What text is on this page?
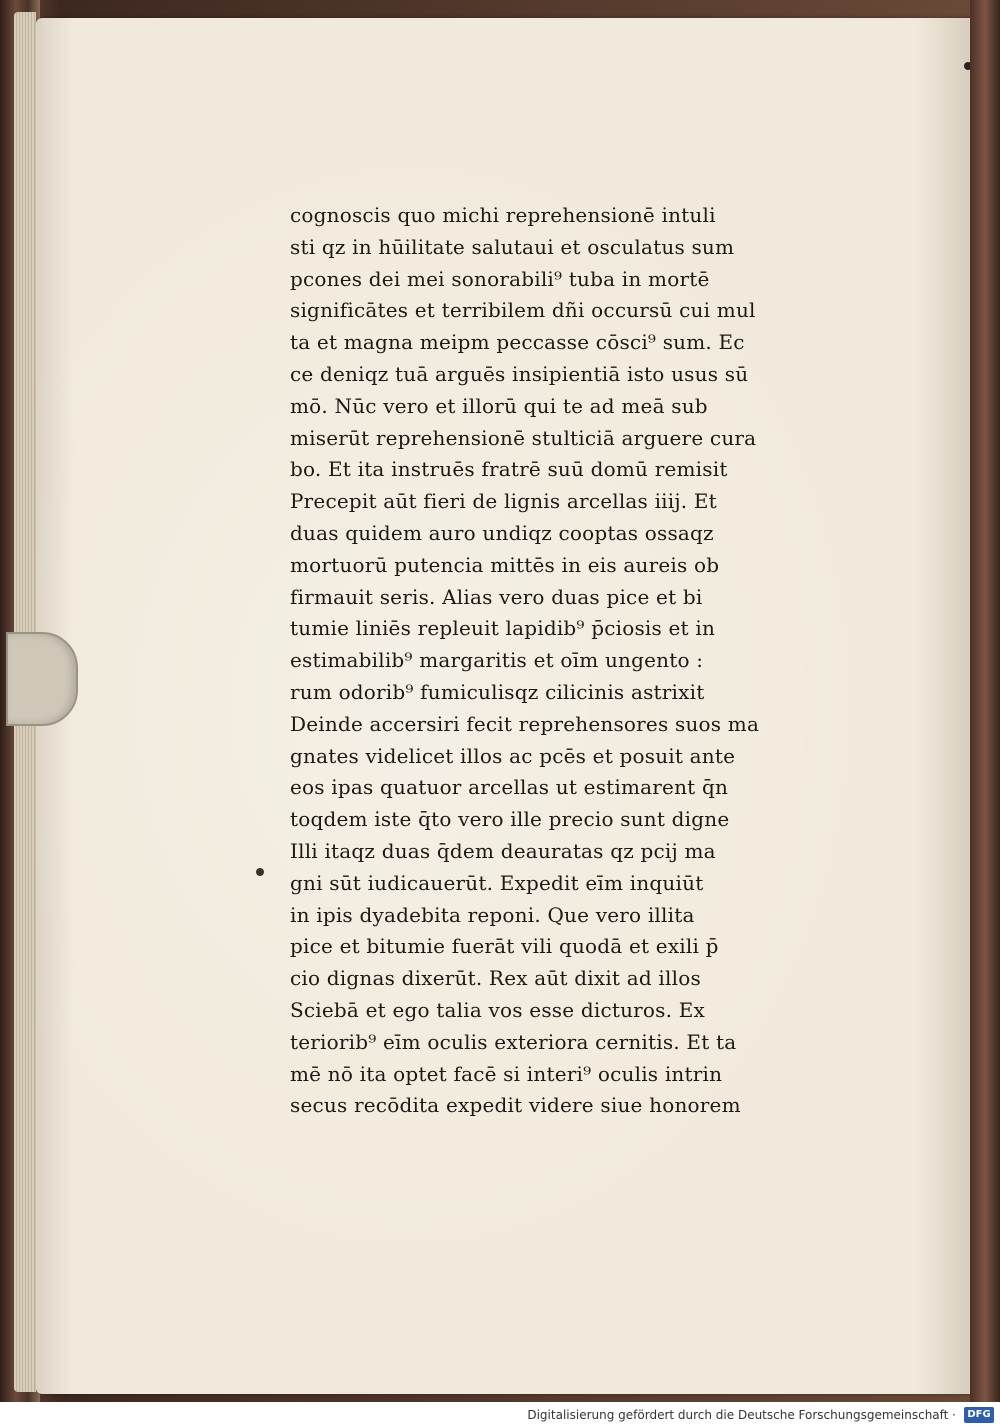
cognoscis quo michi reprehensionē intuli
sti qz in hūilitate salutaui et osculatus sum
pcones dei mei sonorabili⁹ tuba in mortē
significātes et terribilem dñi occursū cui mul
ta et magna meipm peccasse cōsci⁹ sum. Ec
ce deniqz tuā arguēs insipientiā isto usus sū
mō. Nūc vero et illorū qui te ad meā sub
miserūt reprehensionē stulticiā arguere cura
bo. Et ita instruēs fratrē suū domū remisit
Precepit aūt fieri de lignis arcellas iiij. Et
duas quidem auro undiqz cooptas ossaqz
mortuorū putencia mittēs in eis aureis ob
firmauit seris. Alias vero duas pice et bi
tumie liniēs repleuit lapidib⁹ p̄ciosis et in
estimabilib⁹ margaritis et oīm ungento :
rum odorib⁹ fumiculisqz cilicinis astrixit
Deinde accersiri fecit reprehensores suos ma
gnates videlicet illos ac pcēs et posuit ante
eos ipas quatuor arcellas ut estimarent q̄n
toqdem iste q̄to vero ille precio sunt digne
Illi itaqz duas q̄dem deauratas qz pcij ma
gni sūt iudicauerūt. Expedit eīm inquiūt
in ipis dyadebita reponi. Que vero illita
pice et bitumie fuerāt vili quodā et exili p̄
cio dignas dixerūt. Rex aūt dixit ad illos
Sciebā et ego talia vos esse dicturos. Ex
teriorib⁹ eīm oculis exteriora cernitis. Et ta
mē nō ita optet facē si interi⁹ oculis intrin
secus recōdita expedit videre siue honorem
Digitalisierung gefördert durch die Deutsche Forschungsgemeinschaft ·	DFG
